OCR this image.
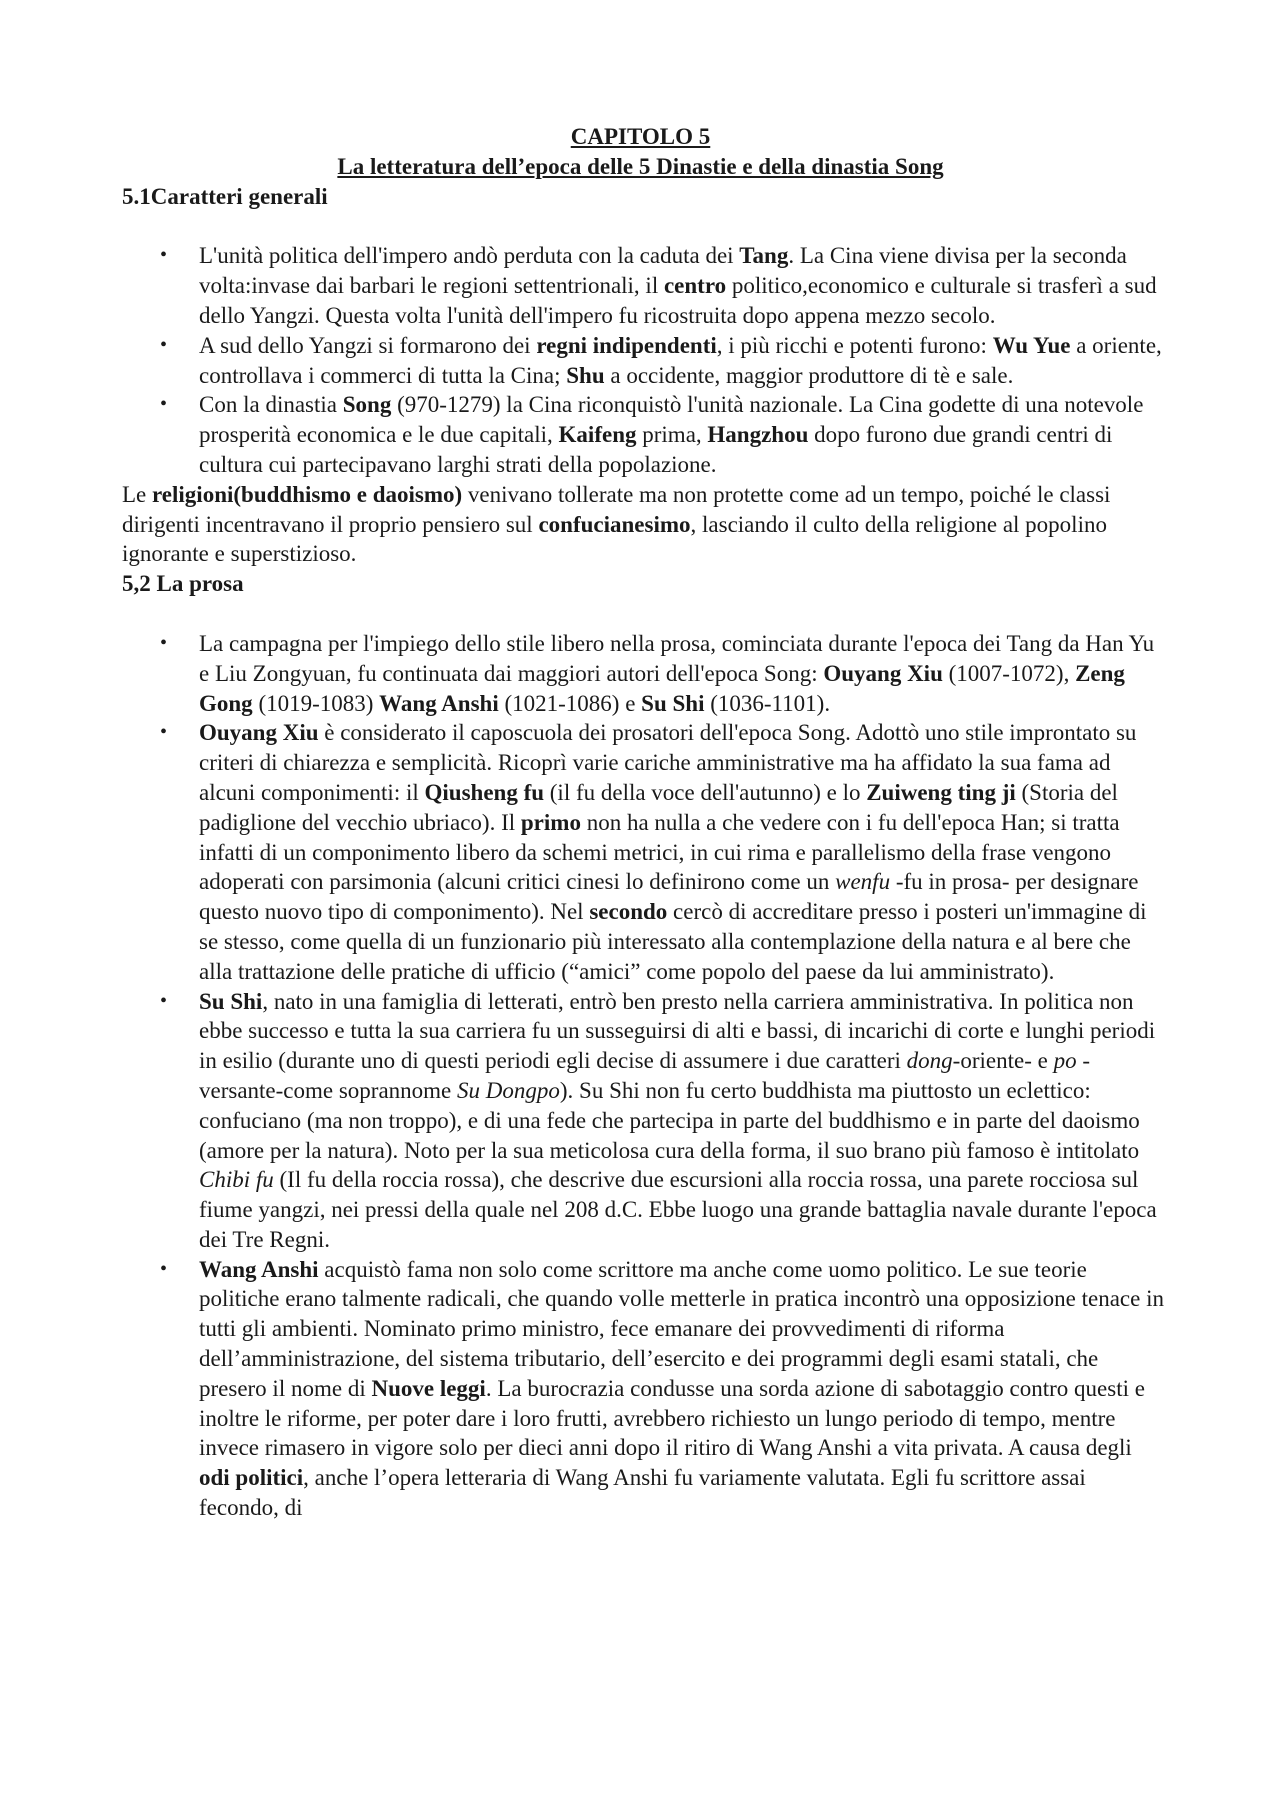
CAPITOLO 5
La letteratura dell’epoca delle 5 Dinastie e della dinastia Song

5.1Caratteri generali

• L'unità politica dell'impero andò perduta con la caduta dei Tang. La Cina viene divisa per la seconda volta:invase dai barbari le regioni settentrionali, il centro politico,economico e culturale si trasferì a sud dello Yangzi. Questa volta l'unità dell'impero fu ricostruita dopo appena mezzo secolo.
• A sud dello Yangzi si formarono dei regni indipendenti, i più ricchi e potenti furono: Wu Yue a oriente, controllava i commerci di tutta la Cina; Shu a occidente, maggior produttore di tè e sale.
• Con la dinastia Song (970-1279) la Cina riconquistò l'unità nazionale. La Cina godette di una notevole prosperità economica e le due capitali, Kaifeng prima, Hangzhou dopo furono due grandi centri di cultura cui partecipavano larghi strati della popolazione.

Le religioni(buddhismo e daoismo) venivano tollerate ma non protette come ad un tempo, poiché le classi dirigenti incentravano il proprio pensiero sul confucianesimo, lasciando il culto della religione al popolino ignorante e superstizioso.

5,2 La prosa

• La campagna per l'impiego dello stile libero nella prosa, cominciata durante l'epoca dei Tang da Han Yu e Liu Zongyuan, fu continuata dai maggiori autori dell'epoca Song: Ouyang Xiu (1007-1072), Zeng Gong (1019-1083) Wang Anshi (1021-1086) e Su Shi (1036-1101).
• Ouyang Xiu è considerato il caposcuola dei prosatori dell'epoca Song. Adottò uno stile improntato su criteri di chiarezza e semplicità. Ricoprì varie cariche amministrative ma ha affidato la sua fama ad alcuni componimenti: il Qiusheng fu (il fu della voce dell'autunno) e lo Zuiweng ting ji (Storia del padiglione del vecchio ubriaco). Il primo non ha nulla a che vedere con i fu dell'epoca Han; si tratta infatti di un componimento libero da schemi metrici, in cui rima e parallelismo della frase vengono adoperati con parsimonia (alcuni critici cinesi lo definirono come un wenfu -fu in prosa- per designare questo nuovo tipo di componimento). Nel secondo cercò di accreditare presso i posteri un'immagine di se stesso, come quella di un funzionario più interessato alla contemplazione della natura e al bere che alla trattazione delle pratiche di ufficio (“amici” come popolo del paese da lui amministrato).
• Su Shi, nato in una famiglia di letterati, entrò ben presto nella carriera amministrativa. In politica non ebbe successo e tutta la sua carriera fu un susseguirsi di alti e bassi, di incarichi di corte e lunghi periodi in esilio (durante uno di questi periodi egli decise di assumere i due caratteri dong-oriente- e po -versante-come soprannome Su Dongpo). Su Shi non fu certo buddhista ma piuttosto un eclettico: confuciano (ma non troppo), e di una fede che partecipa in parte del buddhismo e in parte del daoismo (amore per la natura). Noto per la sua meticolosa cura della forma, il suo brano più famoso è intitolato Chibi fu (Il fu della roccia rossa), che descrive due escursioni alla roccia rossa, una parete rocciosa sul fiume yangzi, nei pressi della quale nel 208 d.C. Ebbe luogo una grande battaglia navale durante l'epoca dei Tre Regni.
• Wang Anshi acquistò fama non solo come scrittore ma anche come uomo politico. Le sue teorie politiche erano talmente radicali, che quando volle metterle in pratica incontrò una opposizione tenace in tutti gli ambienti. Nominato primo ministro, fece emanare dei provvedimenti di riforma dell’amministrazione, del sistema tributario, dell’esercito e dei programmi degli esami statali, che presero il nome di Nuove leggi. La burocrazia condusse una sorda azione di sabotaggio contro questi e inoltre le riforme, per poter dare i loro frutti, avrebbero richiesto un lungo periodo di tempo, mentre invece rimasero in vigore solo per dieci anni dopo il ritiro di Wang Anshi a vita privata. A causa degli odi politici, anche l’opera letteraria di Wang Anshi fu variamente valutata. Egli fu scrittore assai fecondo, di
